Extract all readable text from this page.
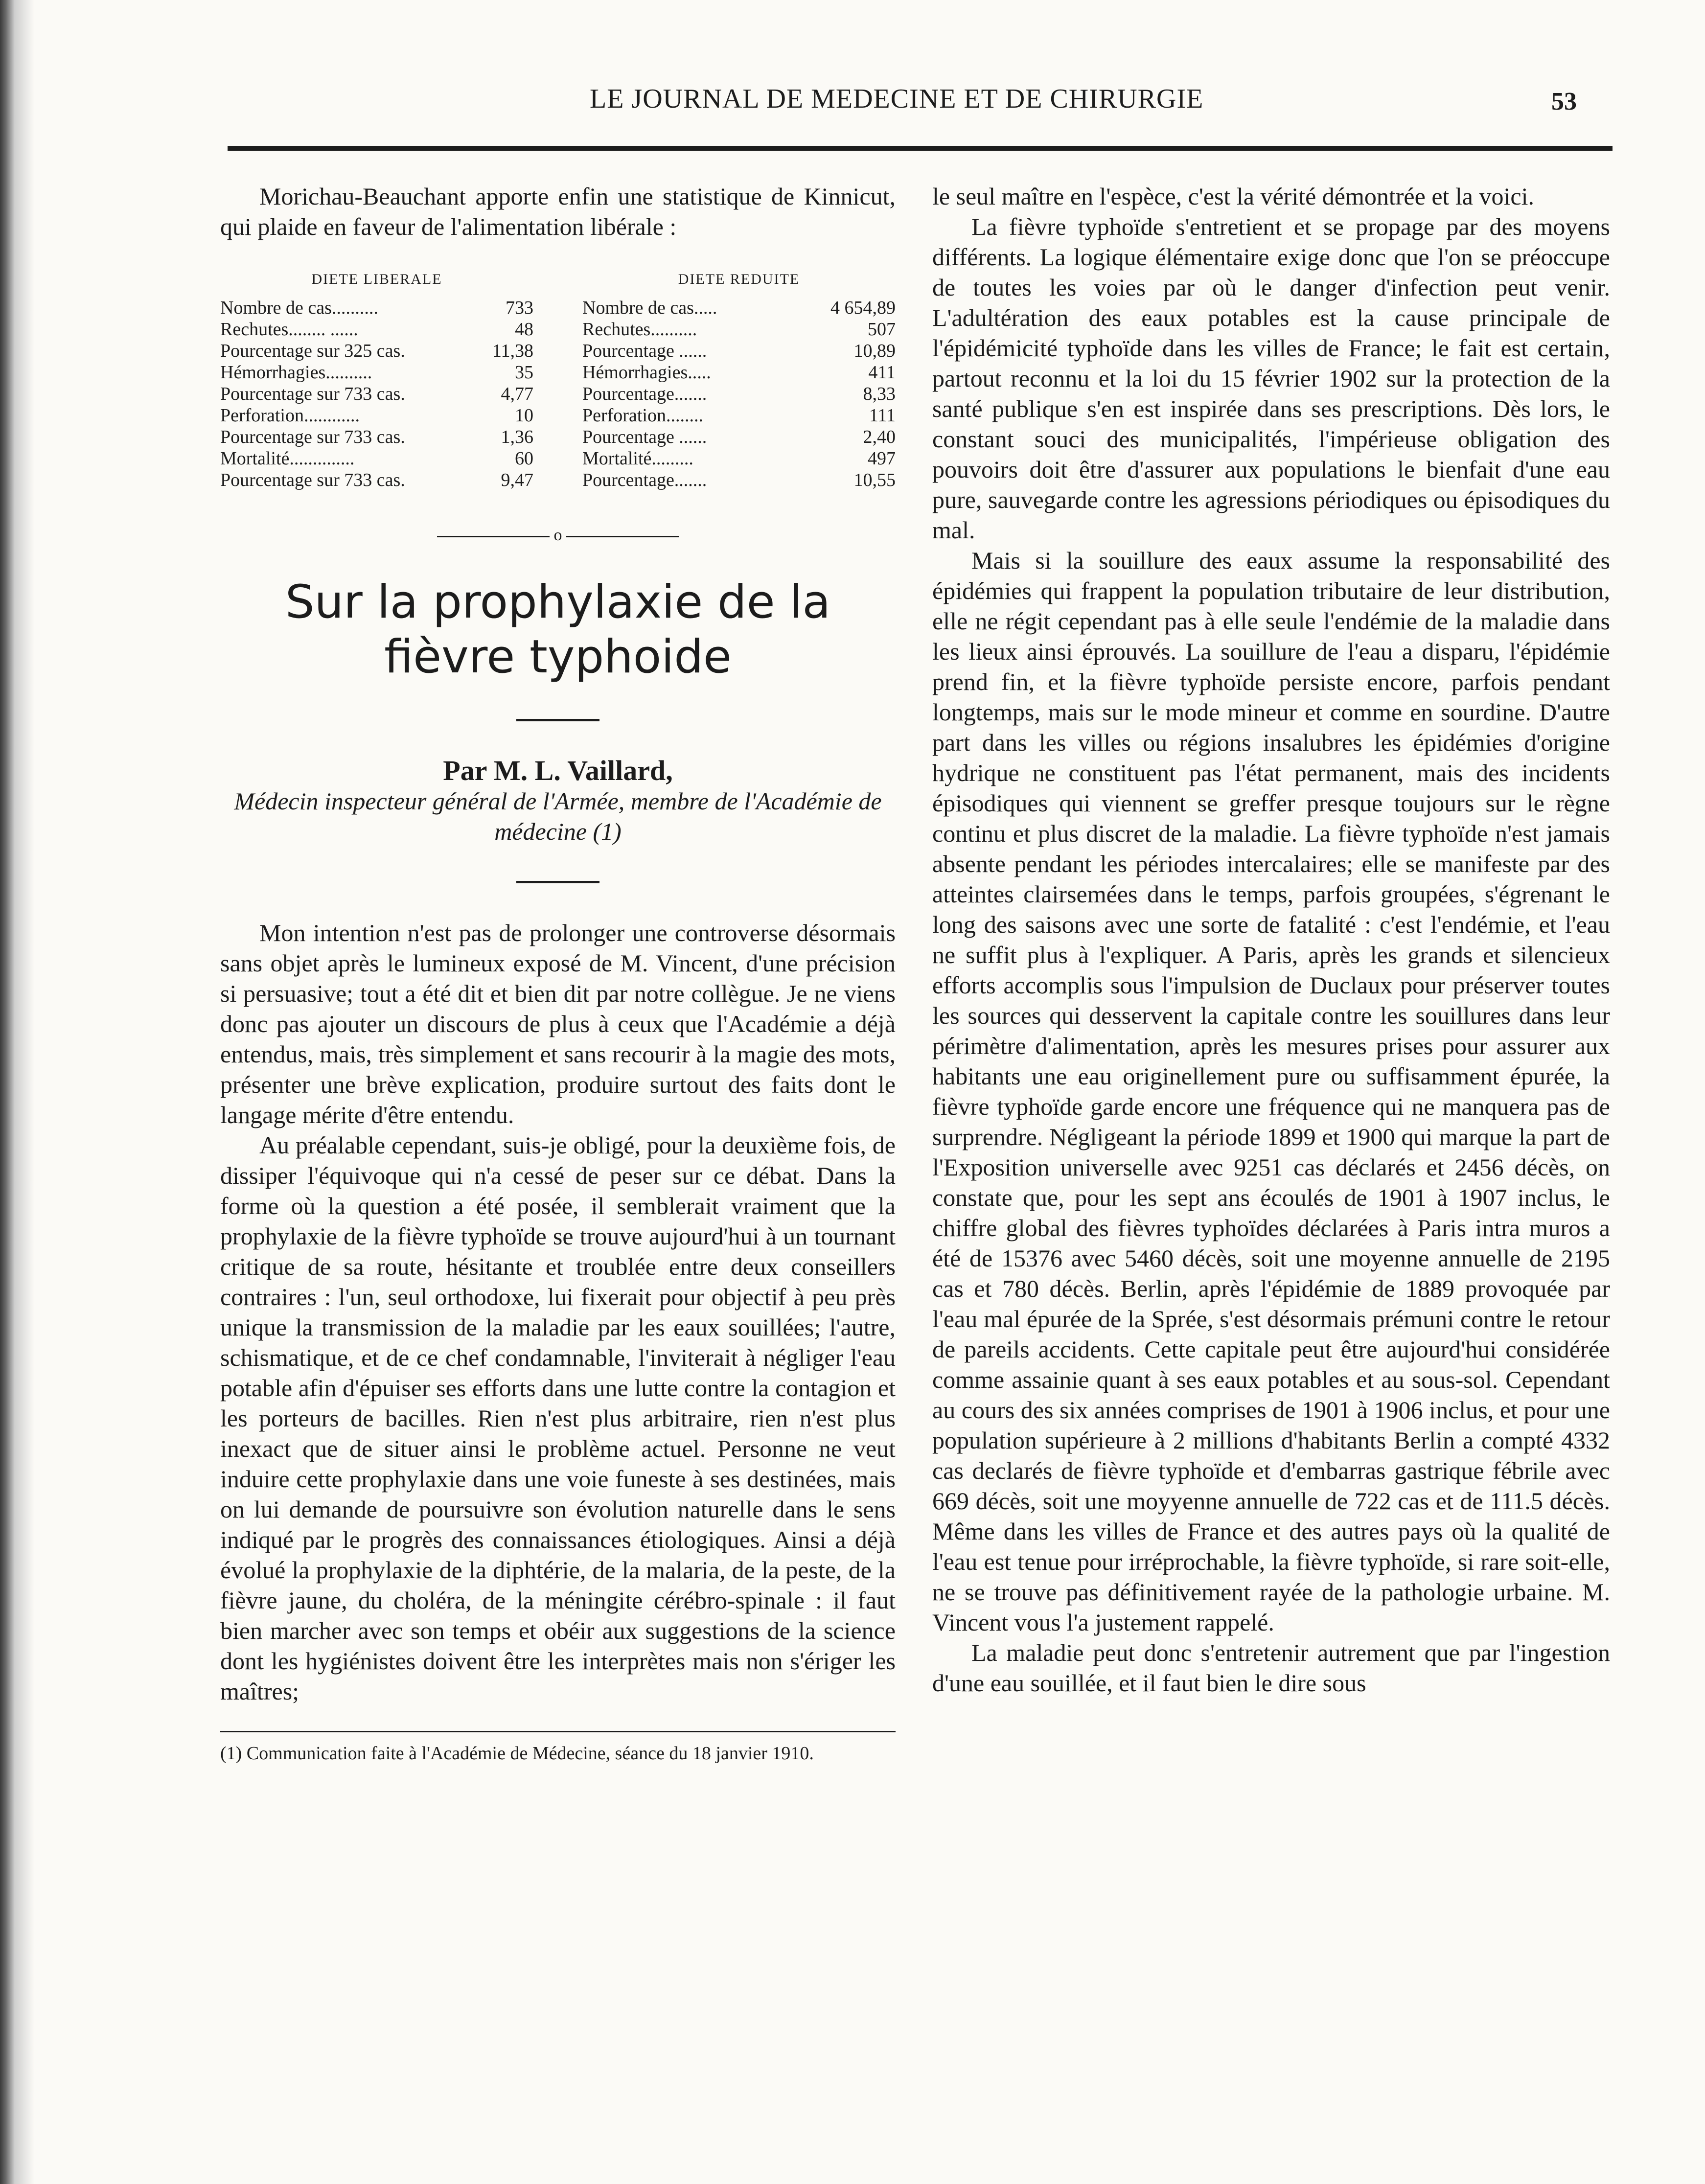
LE JOURNAL DE MEDECINE ET DE CHIRURGIE	53

Morichau-Beauchant apporte enfin une statistique de Kinnicut, qui plaide en faveur de l'alimentation libérale :

DIETE LIBERALE
Nombre de cas..........	733
Rechutes........ ......	48
Pourcentage sur 325 cas.	11,38
Hémorrhagies..........	35
Pourcentage sur 733 cas.	4,77
Perforation............	10
Pourcentage sur 733 cas.	1,36
Mortalité..............	60
Pourcentage sur 733 cas.	9,47
DIETE REDUITE
Nombre de cas.....	4 654,89
Rechutes..........	507
Pourcentage ......	10,89
Hémorrhagies.....	411
Pourcentage.......	8,33
Perforation........	111
Pourcentage ......	2,40
Mortalité.........	497
Pourcentage.......	10,55
o
Sur la prophylaxie de la fièvre typhoide

Par M. L. Vaillard,

Médecin inspecteur général de l'Armée, membre de l'Académie de médecine (1)

Mon intention n'est pas de prolonger une controverse désormais sans objet après le lumineux exposé de M. Vincent, d'une précision si persuasive; tout a été dit et bien dit par notre collègue. Je ne viens donc pas ajouter un discours de plus à ceux que l'Académie a déjà entendus, mais, très simplement et sans recourir à la magie des mots, présenter une brève explication, produire surtout des faits dont le langage mérite d'être entendu.

Au préalable cependant, suis-je obligé, pour la deuxième fois, de dissiper l'équivoque qui n'a cessé de peser sur ce débat. Dans la forme où la question a été posée, il semblerait vraiment que la prophylaxie de la fièvre typhoïde se trouve aujourd'hui à un tournant critique de sa route, hésitante et troublée entre deux conseillers contraires : l'un, seul orthodoxe, lui fixerait pour objectif à peu près unique la transmission de la maladie par les eaux souillées; l'autre, schismatique, et de ce chef condamnable, l'inviterait à négliger l'eau potable afin d'épuiser ses efforts dans une lutte contre la contagion et les porteurs de bacilles. Rien n'est plus arbitraire, rien n'est plus inexact que de situer ainsi le problème actuel. Personne ne veut induire cette prophylaxie dans une voie funeste à ses destinées, mais on lui demande de poursuivre son évolution naturelle dans le sens indiqué par le progrès des connaissances étiologiques. Ainsi a déjà évolué la prophylaxie de la diphtérie, de la malaria, de la peste, de la fièvre jaune, du choléra, de la méningite cérébro-spinale : il faut bien marcher avec son temps et obéir aux suggestions de la science dont les hygiénistes doivent être les interprètes mais non s'ériger les maîtres;

(1) Communication faite à l'Académie de Médecine, séance du 18 janvier 1910.

le seul maître en l'espèce, c'est la vérité démontrée et la voici.

La fièvre typhoïde s'entretient et se propage par des moyens différents. La logique élémentaire exige donc que l'on se préoccupe de toutes les voies par où le danger d'infection peut venir. L'adultération des eaux potables est la cause principale de l'épidémicité typhoïde dans les villes de France; le fait est certain, partout reconnu et la loi du 15 février 1902 sur la protection de la santé publique s'en est inspirée dans ses prescriptions. Dès lors, le constant souci des municipalités, l'impérieuse obligation des pouvoirs doit être d'assurer aux populations le bienfait d'une eau pure, sauvegarde contre les agressions périodiques ou épisodiques du mal.

Mais si la souillure des eaux assume la responsabilité des épidémies qui frappent la population tributaire de leur distribution, elle ne régit cependant pas à elle seule l'endémie de la maladie dans les lieux ainsi éprouvés. La souillure de l'eau a disparu, l'épidémie prend fin, et la fièvre typhoïde persiste encore, parfois pendant longtemps, mais sur le mode mineur et comme en sourdine. D'autre part dans les villes ou régions insalubres les épidémies d'origine hydrique ne constituent pas l'état permanent, mais des incidents épisodiques qui viennent se greffer presque toujours sur le règne continu et plus discret de la maladie. La fièvre typhoïde n'est jamais absente pendant les périodes intercalaires; elle se manifeste par des atteintes clairsemées dans le temps, parfois groupées, s'égrenant le long des saisons avec une sorte de fatalité : c'est l'endémie, et l'eau ne suffit plus à l'expliquer. A Paris, après les grands et silencieux efforts accomplis sous l'impulsion de Duclaux pour préserver toutes les sources qui desservent la capitale contre les souillures dans leur périmètre d'alimentation, après les mesures prises pour assurer aux habitants une eau originellement pure ou suffisamment épurée, la fièvre typhoïde garde encore une fréquence qui ne manquera pas de surprendre. Négligeant la période 1899 et 1900 qui marque la part de l'Exposition universelle avec 9251 cas déclarés et 2456 décès, on constate que, pour les sept ans écoulés de 1901 à 1907 inclus, le chiffre global des fièvres typhoïdes déclarées à Paris intra muros a été de 15376 avec 5460 décès, soit une moyenne annuelle de 2195 cas et 780 décès. Berlin, après l'épidémie de 1889 provoquée par l'eau mal épurée de la Sprée, s'est désormais prémuni contre le retour de pareils accidents. Cette capitale peut être aujourd'hui considérée comme assainie quant à ses eaux potables et au sous-sol. Cependant au cours des six années comprises de 1901 à 1906 inclus, et pour une population supérieure à 2 millions d'habitants Berlin a compté 4332 cas declarés de fièvre typhoïde et d'embarras gastrique fébrile avec 669 décès, soit une moyyenne annuelle de 722 cas et de 111.5 décès. Même dans les villes de France et des autres pays où la qualité de l'eau est tenue pour irréprochable, la fièvre typhoïde, si rare soit-elle, ne se trouve pas définitivement rayée de la pathologie urbaine. M. Vincent vous l'a justement rappelé.

La maladie peut donc s'entretenir autrement que par l'ingestion d'une eau souillée, et il faut bien le dire sous
